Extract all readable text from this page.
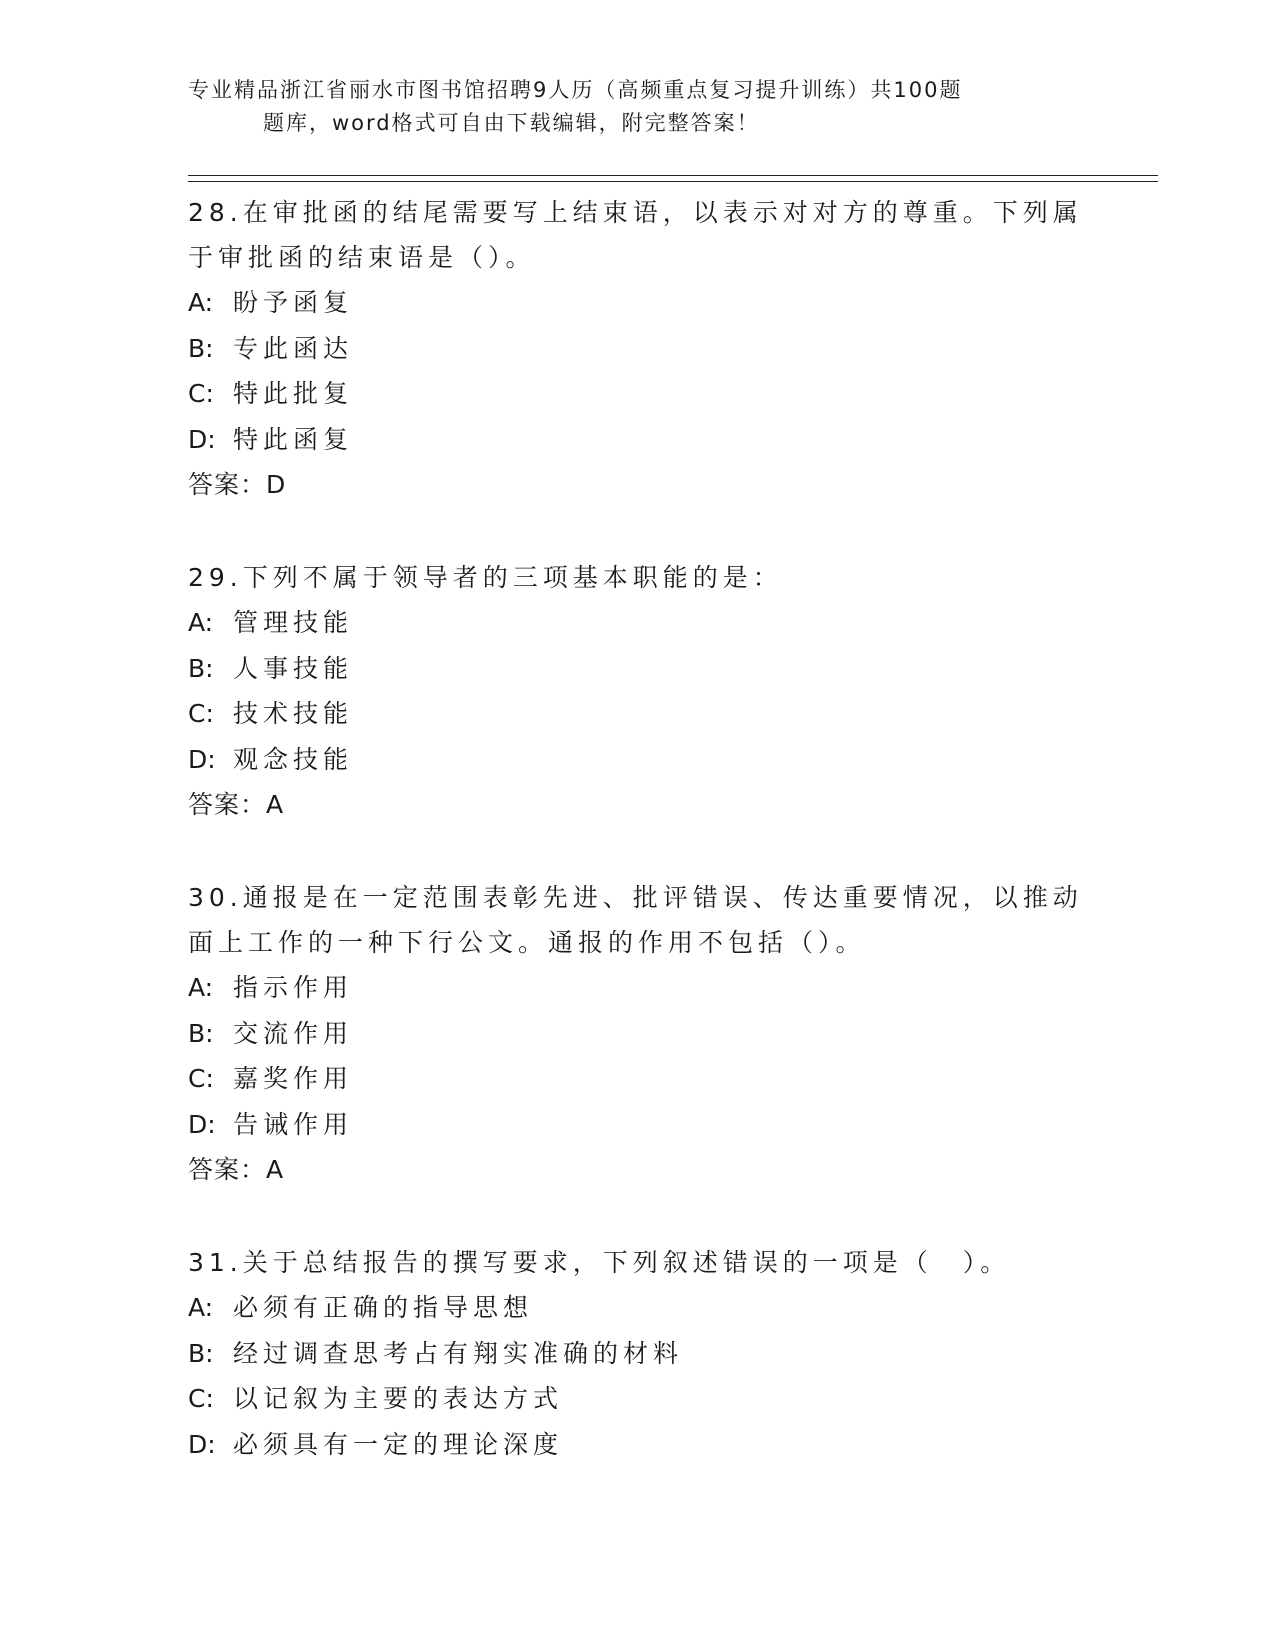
专业精品浙江省丽水市图书馆招聘9人历（高频重点复习提升训练）共100题
题库，word格式可自由下载编辑，附完整答案！
28.在审批函的结尾需要写上结束语，以表示对对方的尊重。下列属于审批函的结束语是（）。
A: 盼予函复
B: 专此函达
C: 特此批复
D: 特此函复
答案：D
29.下列不属于领导者的三项基本职能的是：
A: 管理技能
B: 人事技能
C: 技术技能
D: 观念技能
答案：A
30.通报是在一定范围表彰先进、批评错误、传达重要情况，以推动面上工作的一种下行公文。通报的作用不包括（）。
A: 指示作用
B: 交流作用
C: 嘉奖作用
D: 告诫作用
答案：A
31.关于总结报告的撰写要求，下列叙述错误的一项是（　）。
A: 必须有正确的指导思想
B: 经过调查思考占有翔实准确的材料
C: 以记叙为主要的表达方式
D: 必须具有一定的理论深度
